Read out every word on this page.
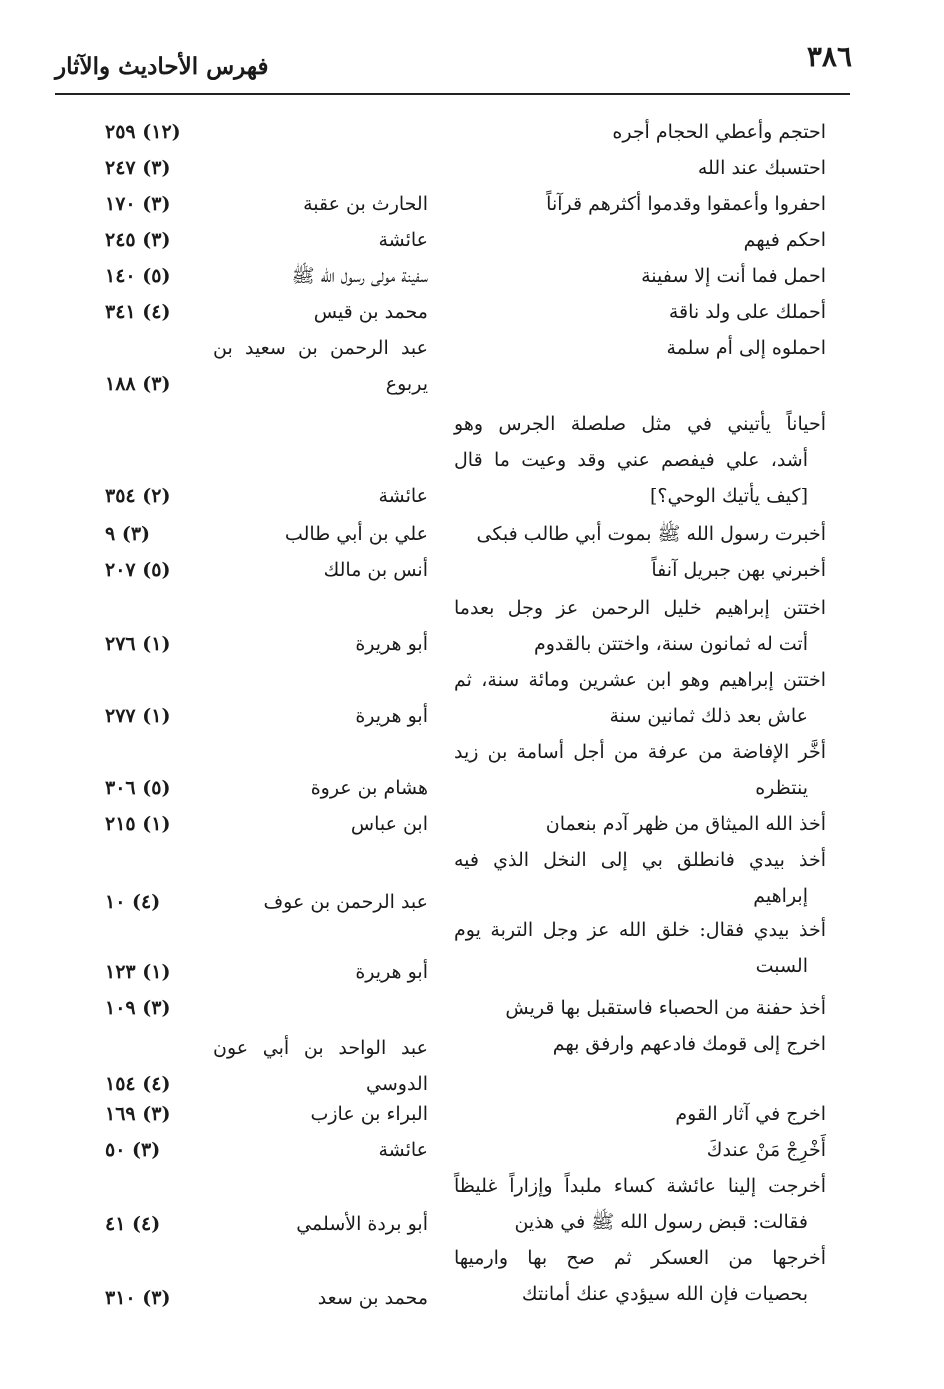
٣٨٦
فهرس الأحاديث والآثار
احتجم وأعطي الحجام أجره
(١٢) ٢٥٩
احتسبك عند الله
(٣) ٢٤٧
احفروا وأعمقوا وقدموا أكثرهم قرآناً
الحارث بن عقبة
(٣) ١٧٠
احكم فيهم
عائشة
(٣) ٢٤٥
احمل فما أنت إلا سفينة
سفينة مولى رسول الله ﷺ
(٥) ١٤٠
أحملك على ولد ناقة
محمد بن قيس
(٤) ٣٤١
احملوه إلى أم سلمة
عبد الرحمن بن سعيد بن
يربوع
(٣) ١٨٨
أحياناً يأتيني في مثل صلصلة الجرس وهو
أشد، علي فيفصم عني وقد وعيت ما قال
[كيف يأتيك الوحي؟]
عائشة
(٢) ٣٥٤
أخبرت رسول الله ﷺ بموت أبي طالب فبكى
علي بن أبي طالب
(٣) ٩
أخبرني بهن جبريل آنفاً
أنس بن مالك
(٥) ٢٠٧
اختتن إبراهيم خليل الرحمن عز وجل بعدما
أتت له ثمانون سنة، واختتن بالقدوم
أبو هريرة
(١) ٢٧٦
اختتن إبراهيم وهو ابن عشرين ومائة سنة، ثم
عاش بعد ذلك ثمانين سنة
أبو هريرة
(١) ٢٧٧
أخَّر الإفاضة من عرفة من أجل أسامة بن زيد
ينتظره
هشام بن عروة
(٥) ٣٠٦
أخذ الله الميثاق من ظهر آدم بنعمان
ابن عباس
(١) ٢١٥
أخذ بيدي فانطلق بي إلى النخل الذي فيه
إبراهيم
عبد الرحمن بن عوف
(٤) ١٠
أخذ بيدي فقال: خلق الله عز وجل التربة يوم
السبت
أبو هريرة
(١) ١٢٣
أخذ حفنة من الحصباء فاستقبل بها قريش
(٣) ١٠٩
اخرج إلى قومك فادعهم وارفق بهم
عبد الواحد بن أبي عون
الدوسي
(٤) ١٥٤
اخرج في آثار القوم
البراء بن عازب
(٣) ١٦٩
أَخْرِجْ مَنْ عندكَ
عائشة
(٣) ٥٠
أخرجت إلينا عائشة كساء ملبداً وإزاراً غليظاً
فقالت: قبض رسول الله ﷺ في هذين
أبو بردة الأسلمي
(٤) ٤١
أخرجها من العسكر ثم صح بها وارميها
بحصيات فإن الله سيؤدي عنك أمانتك
محمد بن سعد
(٣) ٣١٠
